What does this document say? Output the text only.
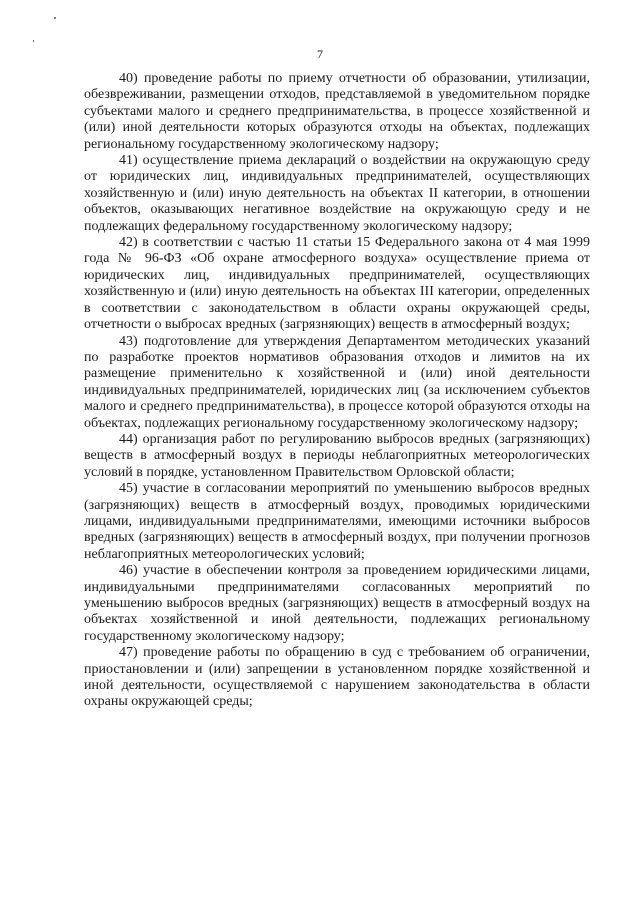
7

40) проведение работы по приему отчетности об образовании, утилизации, обезвреживании, размещении отходов, представляемой в уведомительном порядке субъектами малого и среднего предпринимательства, в процессе хозяйственной и (или) иной деятельности которых образуются отходы на объектах, подлежащих региональному государственному экологическому надзору;

41) осуществление приема деклараций о воздействии на окружающую среду от юридических лиц, индивидуальных предпринимателей, осуществляющих хозяйственную и (или) иную деятельность на объектах II категории, в отношении объектов, оказывающих негативное воздействие на окружающую среду и не подлежащих федеральному государственному экологическому надзору;

42) в соответствии с частью 11 статьи 15 Федерального закона от 4 мая 1999 года № 96-ФЗ «Об охране атмосферного воздуха» осуществление приема от юридических лиц, индивидуальных предпринимателей, осуществляющих хозяйственную и (или) иную деятельность на объектах III категории, определенных в соответствии с законодательством в области охраны окружающей среды, отчетности о выбросах вредных (загрязняющих) веществ в атмосферный воздух;

43) подготовление для утверждения Департаментом методических указаний по разработке проектов нормативов образования отходов и лимитов на их размещение применительно к хозяйственной и (или) иной деятельности индивидуальных предпринимателей, юридических лиц (за исключением субъектов малого и среднего предпринимательства), в процессе которой образуются отходы на объектах, подлежащих региональному государственному экологическому надзору;

44) организация работ по регулированию выбросов вредных (загрязняющих) веществ в атмосферный воздух в периоды неблагоприятных метеорологических условий в порядке, установленном Правительством Орловской области;

45) участие в согласовании мероприятий по уменьшению выбросов вредных (загрязняющих) веществ в атмосферный воздух, проводимых юридическими лицами, индивидуальными предпринимателями, имеющими источники выбросов вредных (загрязняющих) веществ в атмосферный воздух, при получении прогнозов неблагоприятных метеорологических условий;

46) участие в обеспечении контроля за проведением юридическими лицами, индивидуальными предпринимателями согласованных мероприятий по уменьшению выбросов вредных (загрязняющих) веществ в атмосферный воздух на объектах хозяйственной и иной деятельности, подлежащих региональному государственному экологическому надзору;

47) проведение работы по обращению в суд с требованием об ограничении, приостановлении и (или) запрещении в установленном порядке хозяйственной и иной деятельности, осуществляемой с нарушением законодательства в области охраны окружающей среды;
